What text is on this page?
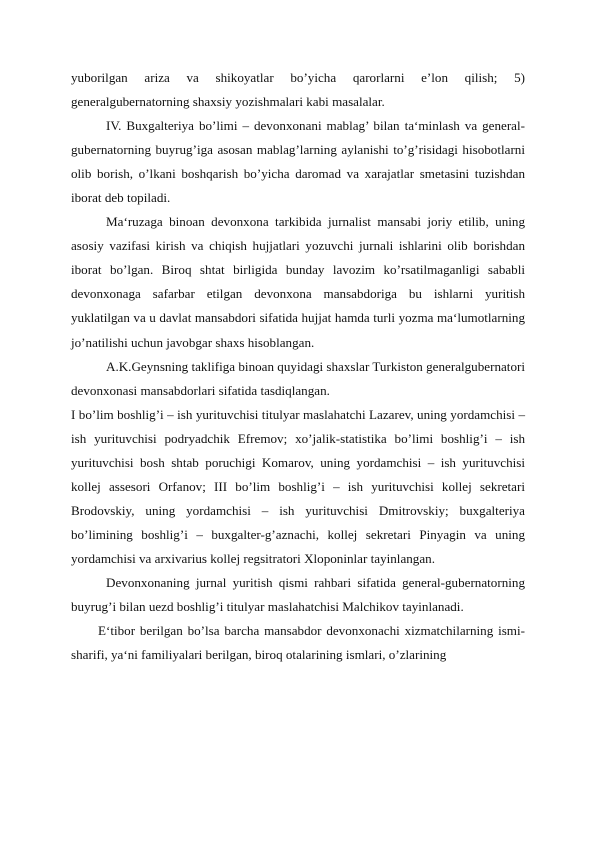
yuborilgan ariza va shikoyatlar bo’yicha qarorlarni e’lon qilish; 5) generalgubernatorning shaxsiy yozishmalari kabi masalalar.

IV. Buxgalteriya bo’limi – devonxonani mablag’ bilan ta‘minlash va general-gubernatorning buyrug’iga asosan mablag’larning aylanishi to’g’risidagi hisobotlarni olib borish, o’lkani boshqarish bo’yicha daromad va xarajatlar smetasini tuzishdan iborat deb topiladi.

Ma‘ruzaga binoan devonxona tarkibida jurnalist mansabi joriy etilib, uning asosiy vazifasi kirish va chiqish hujjatlari yozuvchi jurnali ishlarini olib borishdan iborat bo’lgan. Biroq shtat birligida bunday lavozim ko’rsatilmaganligi sababli devonxonaga safarbar etilgan devonxona mansabdoriga bu ishlarni yuritish yuklatilgan va u davlat mansabdori sifatida hujjat hamda turli yozma ma‘lumotlarning jo’natilishi uchun javobgar shaxs hisoblangan.

A.K.Geynsning taklifiga binoan quyidagi shaxslar Turkiston generalgubernatori devonxonasi mansabdorlari sifatida tasdiqlangan.

I bo’lim boshlig’i – ish yurituvchisi titulyar maslahatchi Lazarev, uning yordamchisi – ish yurituvchisi podryadchik Efremov; xo’jalik-statistika bo’limi boshlig’i – ish yurituvchisi bosh shtab poruchigi Komarov, uning yordamchisi – ish yurituvchisi kollej assesori Orfanov; III bo’lim boshlig’i – ish yurituvchisi kollej sekretari Brodovskiy, uning yordamchisi – ish yurituvchisi Dmitrovskiy; buxgalteriya bo’limining boshlig’i – buxgalter-g’aznachi, kollej sekretari Pinyagin va uning yordamchisi va arxivarius kollej regsitratori Xloponinlar tayinlangan.

Devonxonaning jurnal yuritish qismi rahbari sifatida general-gubernatorning buyrug’i bilan uezd boshlig’i titulyar maslahatchisi Malchikov tayinlanadi.

E‘tibor berilgan bo’lsa barcha mansabdor devonxonachi xizmatchilarning ismi-sharifi, ya‘ni familiyalari berilgan, biroq otalarining ismlari, o’zlarining
